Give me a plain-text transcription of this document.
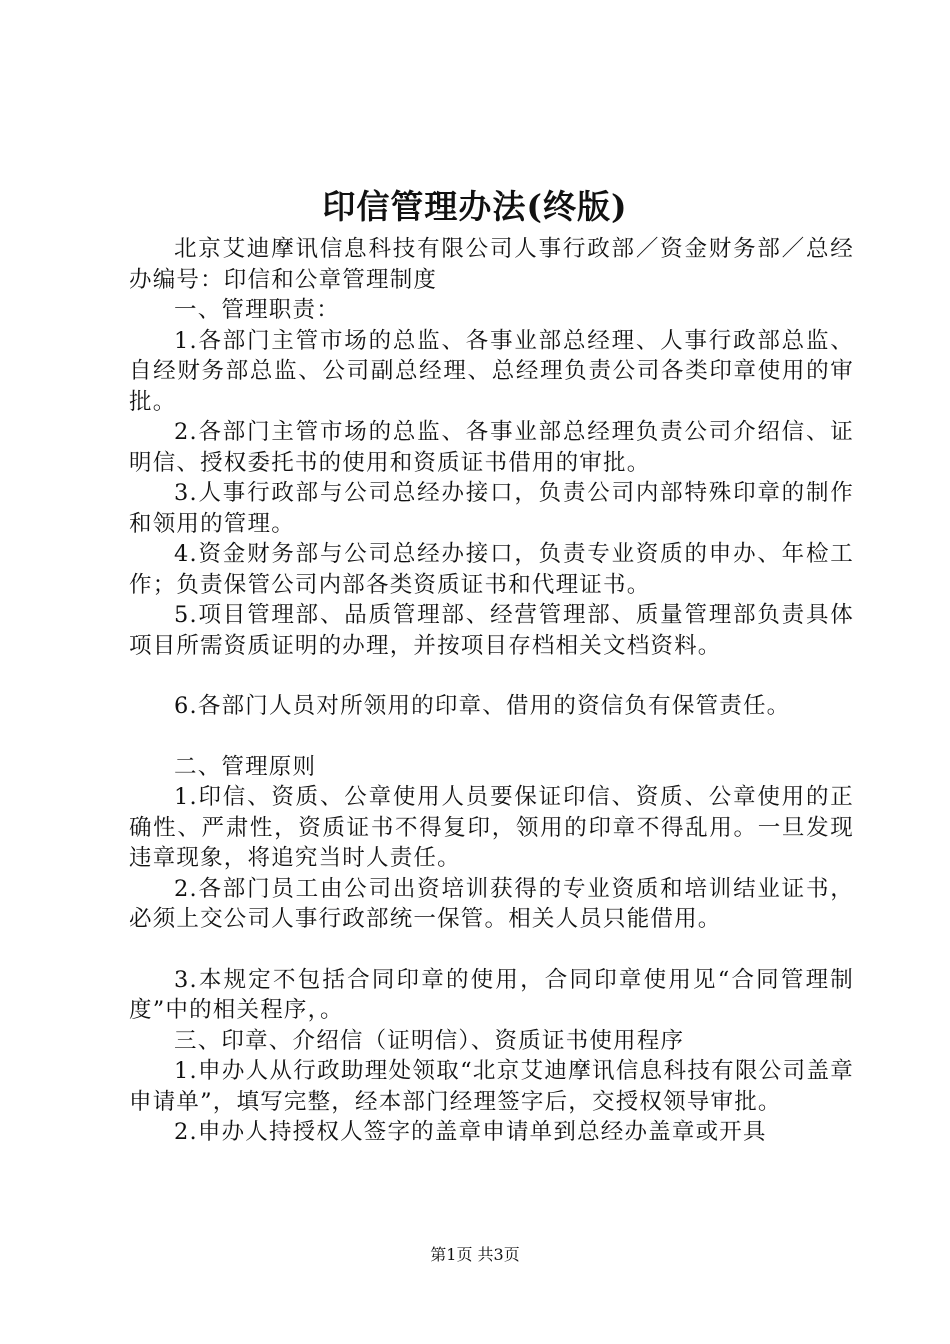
印信管理办法(终版)

北京艾迪摩讯信息科技有限公司人事行政部／资金财务部／总经办编号：印信和公章管理制度

一、管理职责：

1.各部门主管市场的总监、各事业部总经理、人事行政部总监、自经财务部总监、公司副总经理、总经理负责公司各类印章使用的审批。

2.各部门主管市场的总监、各事业部总经理负责公司介绍信、证明信、授权委托书的使用和资质证书借用的审批。

3.人事行政部与公司总经办接口，负责公司内部特殊印章的制作和领用的管理。

4.资金财务部与公司总经办接口，负责专业资质的申办、年检工作；负责保管公司内部各类资质证书和代理证书。

5.项目管理部、品质管理部、经营管理部、质量管理部负责具体项目所需资质证明的办理，并按项目存档相关文档资料。

6.各部门人员对所领用的印章、借用的资信负有保管责任。

二、管理原则

1.印信、资质、公章使用人员要保证印信、资质、公章使用的正确性、严肃性，资质证书不得复印，领用的印章不得乱用。一旦发现违章现象，将追究当时人责任。

2.各部门员工由公司出资培训获得的专业资质和培训结业证书，必须上交公司人事行政部统一保管。相关人员只能借用。

3.本规定不包括合同印章的使用，合同印章使用见“合同管理制度”中的相关程序，。

三、印章、介绍信（证明信）、资质证书使用程序

1.申办人从行政助理处领取“北京艾迪摩讯信息科技有限公司盖章申请单”，填写完整，经本部门经理签字后，交授权领导审批。

2.申办人持授权人签字的盖章申请单到总经办盖章或开具

第1页 共3页
